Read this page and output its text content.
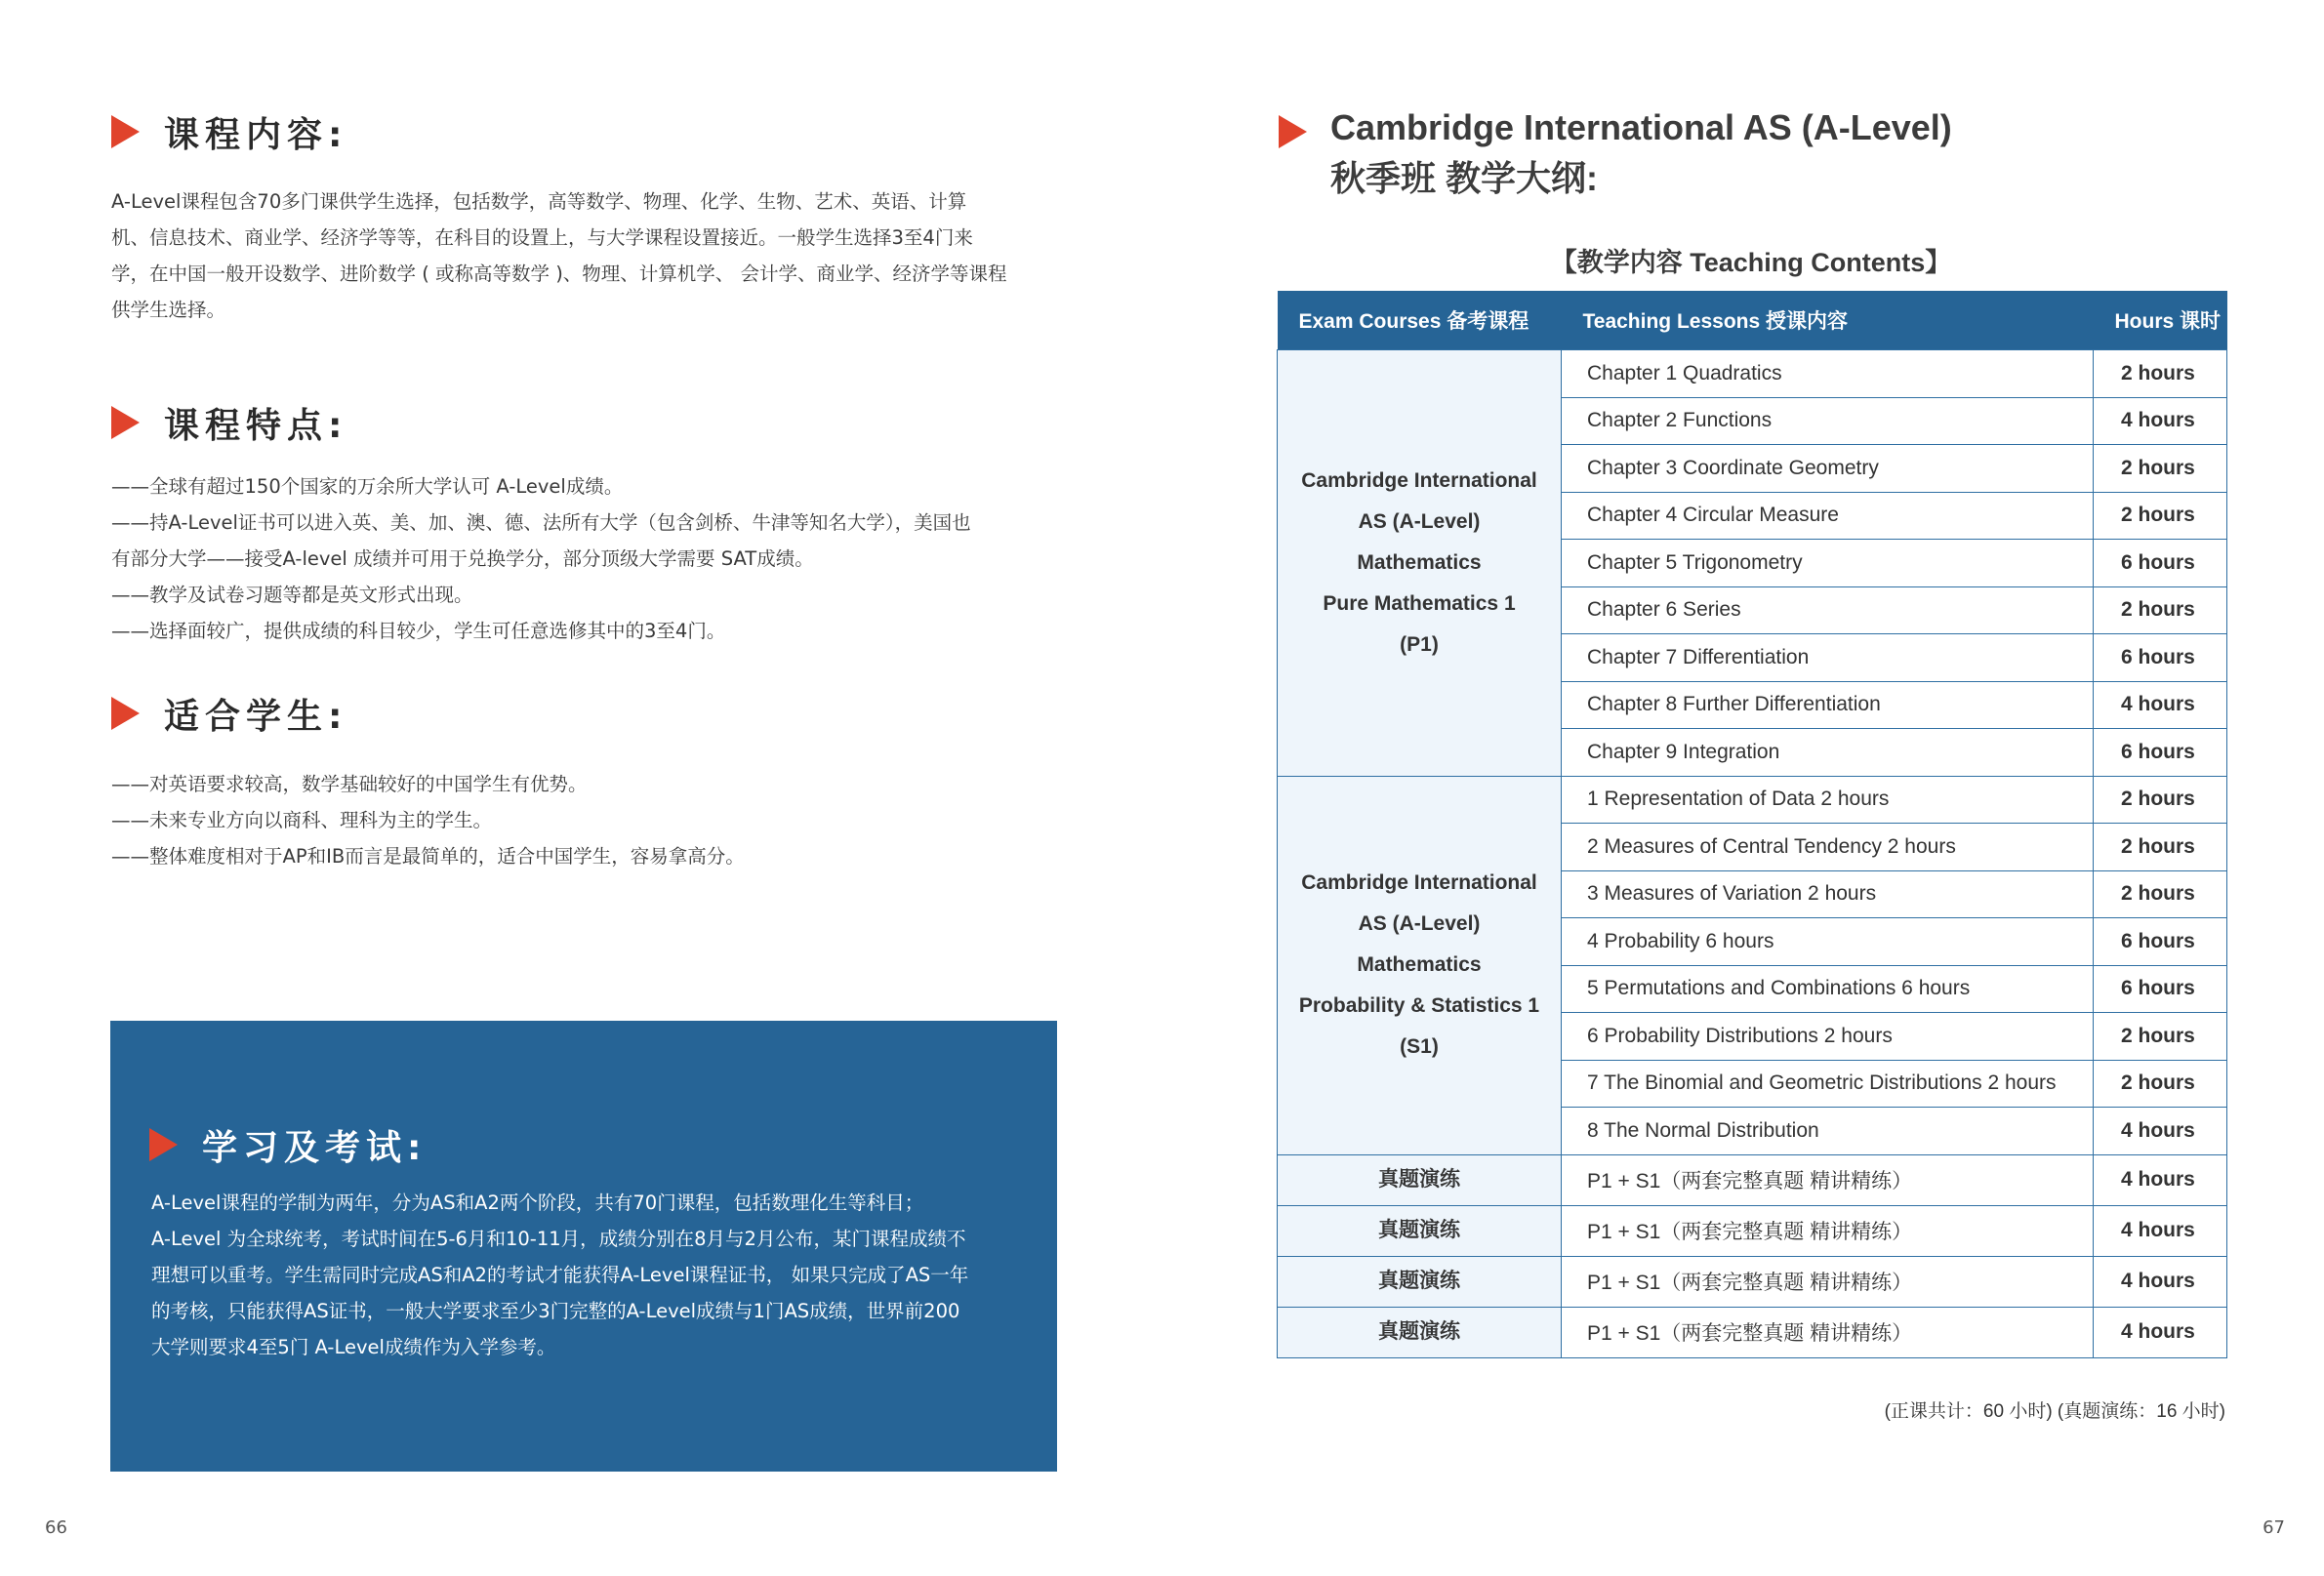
课程内容:
A-Level课程包含70多门课供学生选择，包括数学，高等数学、物理、化学、生物、艺术、英语、计算
机、信息技术、商业学、经济学等等，在科目的设置上，与大学课程设置接近。一般学生选择3至4门来
学，在中国一般开设数学、进阶数学 ( 或称高等数学 )、物理、计算机学、 会计学、商业学、经济学等课程
供学生选择。
课程特点:
——全球有超过150个国家的万余所大学认可 A-Level成绩。
——持A-Level证书可以进入英、美、加、澳、德、法所有大学（包含剑桥、牛津等知名大学），美国也
有部分大学——接受A-level 成绩并可用于兑换学分，部分顶级大学需要 SAT成绩。
——教学及试卷习题等都是英文形式出现。
——选择面较广，提供成绩的科目较少，学生可任意选修其中的3至4门。
适合学生:
——对英语要求较高，数学基础较好的中国学生有优势。
——未来专业方向以商科、理科为主的学生。
——整体难度相对于AP和IB而言是最简单的，适合中国学生，容易拿高分。
学习及考试:
A-Level课程的学制为两年，分为AS和A2两个阶段，共有70门课程，包括数理化生等科目；
A-Level 为全球统考，考试时间在5-6月和10-11月，成绩分别在8月与2月公布，某门课程成绩不
理想可以重考。学生需同时完成AS和A2的考试才能获得A-Level课程证书， 如果只完成了AS一年
的考核，只能获得AS证书，一般大学要求至少3门完整的A-Level成绩与1门AS成绩，世界前200
大学则要求4至5门 A-Level成绩作为入学参考。
66
Cambridge International AS (A-Level)
秋季班 教学大纲:
【教学内容 Teaching Contents】
Exam Courses 备考课程	Teaching Lessons 授课内容	Hours 课时

Cambridge International
AS (A-Level)
Mathematics
Pure Mathematics 1
(P1)	Chapter 1 Quadratics	2 hours
	Chapter 2 Functions	4 hours
	Chapter 3 Coordinate Geometry	2 hours
	Chapter 4 Circular Measure	2 hours
	Chapter 5 Trigonometry	6 hours
	Chapter 6 Series	2 hours
	Chapter 7 Differentiation	6 hours
	Chapter 8 Further Differentiation	4 hours
	Chapter 9 Integration	6 hours

Cambridge International
AS (A-Level)
Mathematics
Probability & Statistics 1
(S1)	1 Representation of Data 2 hours	2 hours
	2 Measures of Central Tendency 2 hours	2 hours
	3 Measures of Variation 2 hours	2 hours
	4 Probability 6 hours	6 hours
	5 Permutations and Combinations 6 hours	6 hours
	6 Probability Distributions 2 hours	2 hours
	7 The Binomial and Geometric Distributions 2 hours	2 hours
	8 The Normal Distribution	4 hours
真题演练	P1 + S1（两套完整真题 精讲精练）	4 hours
真题演练	P1 + S1（两套完整真题 精讲精练）	4 hours
真题演练	P1 + S1（两套完整真题 精讲精练）	4 hours
真题演练	P1 + S1（两套完整真题 精讲精练）	4 hours
(正课共计：60 小时) (真题演练：16 小时)
67
